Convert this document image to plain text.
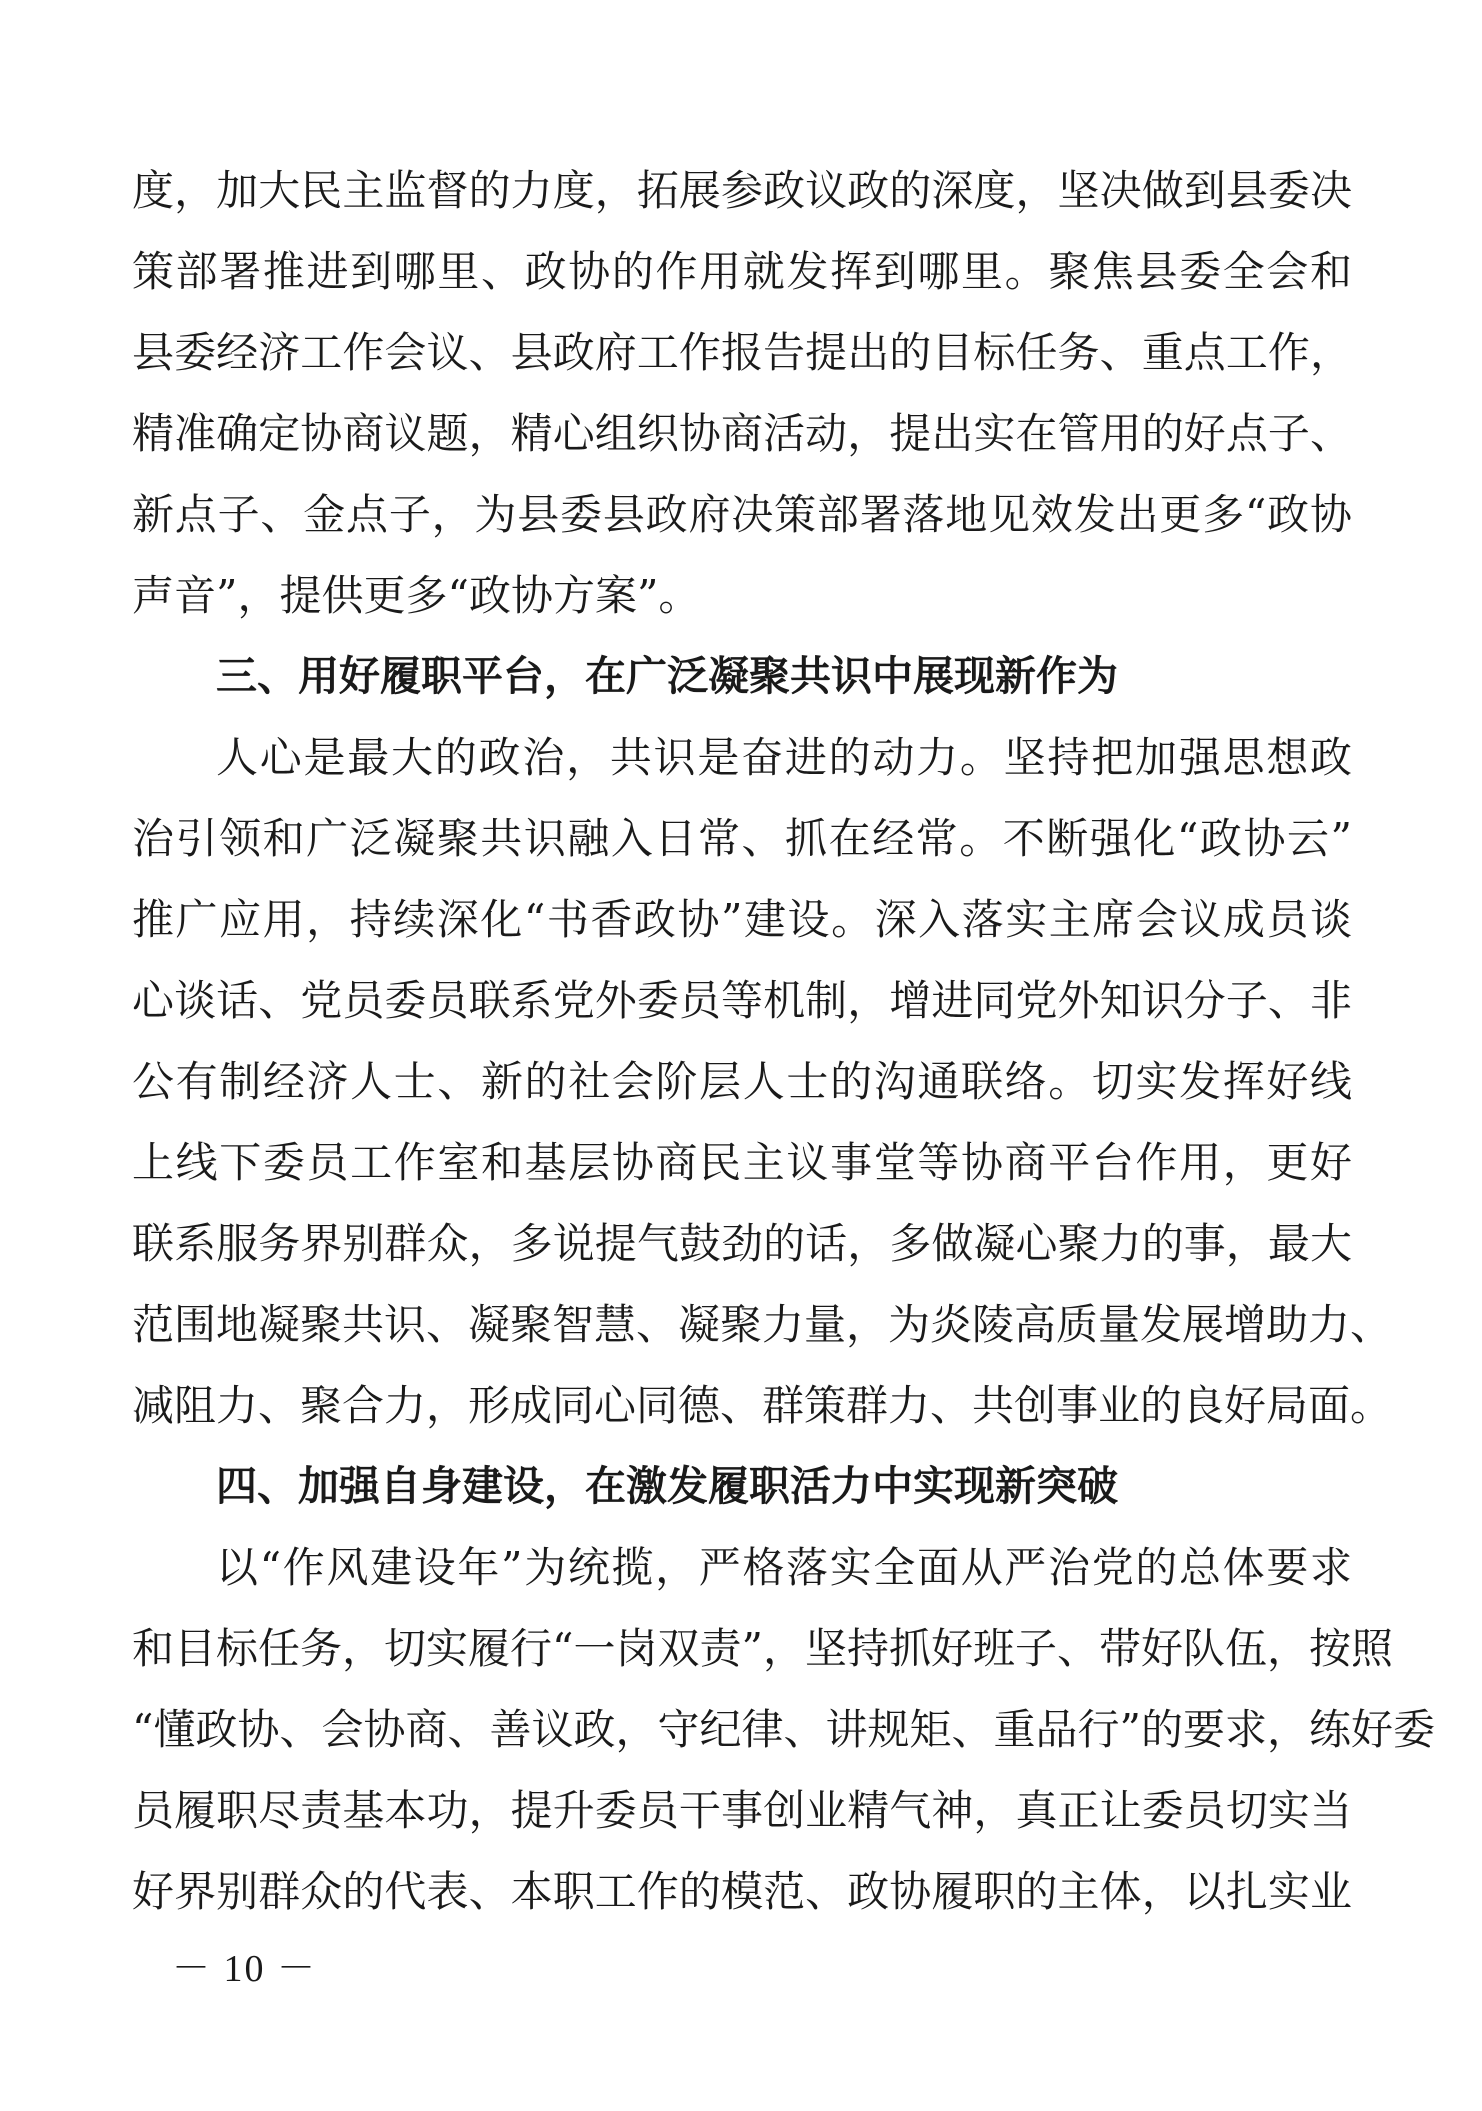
度，加大民主监督的力度，拓展参政议政的深度，坚决做到县委决
策部署推进到哪里、政协的作用就发挥到哪里。聚焦县委全会和
县委经济工作会议、县政府工作报告提出的目标任务、重点工作，
精准确定协商议题，精心组织协商活动，提出实在管用的好点子、
新点子、金点子，为县委县政府决策部署落地见效发出更多“政协
声音”，提供更多“政协方案”。
三、用好履职平台，在广泛凝聚共识中展现新作为
人心是最大的政治，共识是奋进的动力。坚持把加强思想政
治引领和广泛凝聚共识融入日常、抓在经常。不断强化“政协云”
推广应用，持续深化“书香政协”建设。深入落实主席会议成员谈
心谈话、党员委员联系党外委员等机制，增进同党外知识分子、非
公有制经济人士、新的社会阶层人士的沟通联络。切实发挥好线
上线下委员工作室和基层协商民主议事堂等协商平台作用，更好
联系服务界别群众，多说提气鼓劲的话，多做凝心聚力的事，最大
范围地凝聚共识、凝聚智慧、凝聚力量，为炎陵高质量发展增助力、
减阻力、聚合力，形成同心同德、群策群力、共创事业的良好局面。
四、加强自身建设，在激发履职活力中实现新突破
以“作风建设年”为统揽，严格落实全面从严治党的总体要求
和目标任务，切实履行“一岗双责”，坚持抓好班子、带好队伍，按照
“懂政协、会协商、善议政，守纪律、讲规矩、重品行”的要求，练好委
员履职尽责基本功，提升委员干事创业精气神，真正让委员切实当
好界别群众的代表、本职工作的模范、政协履职的主体，以扎实业
－ 10 －
